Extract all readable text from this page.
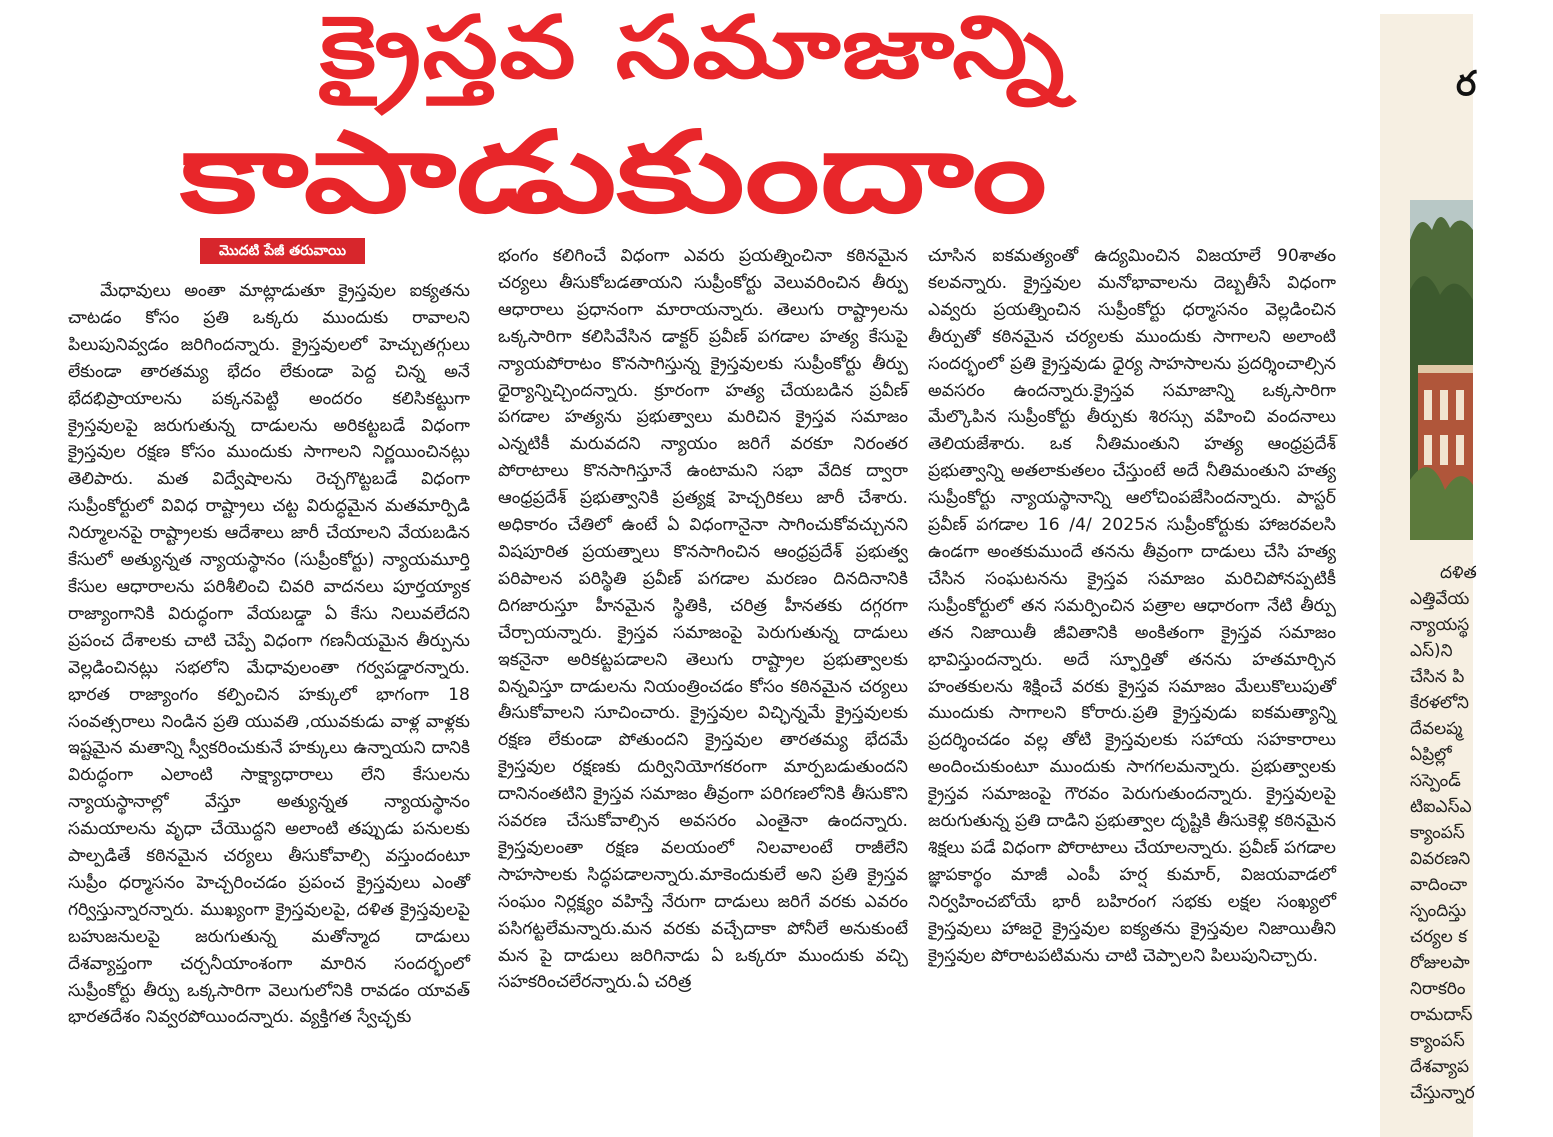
క్రైస్తవ సమాజాన్ని
కాపాడుకుందాం
మొదటి పేజీ తరువాయి
మేధావులు అంతా మాట్లాడుతూ క్రైస్తవుల ఐక్యతను చాటడం కోసం ప్రతి ఒక్కరు ముందుకు రావాలని పిలుపునివ్వడం జరిగిందన్నారు. క్రైస్తవులలో హెచ్చుతగ్గులు లేకుండా తారతమ్య భేదం లేకుండా పెద్ద చిన్న అనే భేదభిప్రాయాలను పక్కనపెట్టి అందరం కలిసికట్టుగా క్రైస్తవులపై జరుగుతున్న దాడులను అరికట్టబడే విధంగా క్రైస్తవుల రక్షణ కోసం ముందుకు సాగాలని నిర్ణయించినట్లు తెలిపారు. మత విద్వేషాలను రెచ్చగొట్టబడే విధంగా సుప్రీంకోర్టులో వివిధ రాష్ట్రాలు చట్ట విరుద్ధమైన మతమార్పిడి నిర్మూలనపై రాష్ట్రాలకు ఆదేశాలు జారీ చేయాలని వేయబడిన కేసులో అత్యున్నత న్యాయస్థానం (సుప్రీంకోర్టు) న్యాయమూర్తి కేసుల ఆధారాలను పరిశీలించి చివరి వాదనలు పూర్తయ్యాక రాజ్యాంగానికి విరుద్ధంగా వేయబడ్డా ఏ కేసు నిలువలేదని ప్రపంచ దేశాలకు చాటి చెప్పే విధంగా గణనీయమైన తీర్పును వెల్లడించినట్లు సభలోని మేధావులంతా గర్వపడ్డారన్నారు. భారత రాజ్యాంగం కల్పించిన హక్కులో భాగంగా 18 సంవత్సరాలు నిండిన ప్రతి యువతి ,యువకుడు వాళ్ల వాళ్లకు ఇష్టమైన మతాన్ని స్వీకరించుకునే హక్కులు ఉన్నాయని దానికి విరుద్ధంగా ఎలాంటి సాక్ష్యాధారాలు లేని కేసులను న్యాయస్థానాల్లో వేస్తూ అత్యున్నత న్యాయస్థానం సమయాలను వృధా చేయొద్దని అలాంటి తప్పుడు పనులకు పాల్పడితే కఠినమైన చర్యలు తీసుకోవాల్సి వస్తుందంటూ సుప్రీం ధర్మాసనం హెచ్చరించడం ప్రపంచ క్రైస్తవులు ఎంతో గర్విస్తున్నారన్నారు. ముఖ్యంగా క్రైస్తవులపై, దళిత క్రైస్తవులపై బహుజనులపై జరుగుతున్న మతోన్మాద దాడులు దేశవ్యాప్తంగా చర్చనీయాంశంగా మారిన సందర్భంలో సుప్రీంకోర్టు తీర్పు ఒక్కసారిగా వెలుగులోనికి రావడం యావత్ భారతదేశం నివ్వరపోయిందన్నారు. వ్యక్తిగత స్వేచ్ఛకు
భంగం కలిగించే విధంగా ఎవరు ప్రయత్నించినా కఠినమైన చర్యలు తీసుకోబడతాయని సుప్రీంకోర్టు వెలువరించిన తీర్పు ఆధారాలు ప్రధానంగా మారాయన్నారు. తెలుగు రాష్ట్రాలను ఒక్కసారిగా కలిసివేసిన డాక్టర్ ప్రవీణ్ పగడాల హత్య కేసుపై న్యాయపోరాటం కొనసాగిస్తున్న క్రైస్తవులకు సుప్రీంకోర్టు తీర్పు ధైర్యాన్నిచ్చిందన్నారు. క్రూరంగా హత్య చేయబడిన ప్రవీణ్ పగడాల హత్యను ప్రభుత్వాలు మరిచిన క్రైస్తవ సమాజం ఎన్నటికీ మరువదని న్యాయం జరిగే వరకూ నిరంతర పోరాటాలు కొనసాగిస్తూనే ఉంటామని సభా వేదిక ద్వారా ఆంధ్రప్రదేశ్ ప్రభుత్వానికి ప్రత్యక్ష హెచ్చరికలు జారీ చేశారు. అధికారం చేతిలో ఉంటే ఏ విధంగానైనా సాగించుకోవచ్చునని విషపూరిత ప్రయత్నాలు కొనసాగించిన ఆంధ్రప్రదేశ్ ప్రభుత్వ పరిపాలన పరిస్థితి ప్రవీణ్ పగడాల మరణం దినదినానికి దిగజారుస్తూ హీనమైన స్థితికి, చరిత్ర హీనతకు దగ్గరగా చేర్చాయన్నారు. క్రైస్తవ సమాజంపై పెరుగుతున్న దాడులు ఇకనైనా అరికట్టపడాలని తెలుగు రాష్ట్రాల ప్రభుత్వాలకు విన్నవిస్తూ దాడులను నియంత్రించడం కోసం కఠినమైన చర్యలు తీసుకోవాలని సూచించారు. క్రైస్తవుల విచ్ఛిన్నమే క్రైస్తవులకు రక్షణ లేకుండా పోతుందని క్రైస్తవుల తారతమ్య భేదమే క్రైస్తవుల రక్షణకు దుర్వినియోగకరంగా మార్పబడుతుందని దానినంతటిని క్రైస్తవ సమాజం తీవ్రంగా పరిగణలోనికి తీసుకొని సవరణ చేసుకోవాల్సిన అవసరం ఎంతైనా ఉందన్నారు. క్రైస్తవులంతా రక్షణ వలయంలో నిలవాలంటే రాజీలేని సాహసాలకు సిద్ధపడాలన్నారు.మాకెందుకులే అని ప్రతి క్రైస్తవ సంఘం నిర్లక్ష్యం వహిస్తే నేరుగా దాడులు జరిగే వరకు ఎవరం పసిగట్టలేమన్నారు.మన వరకు వచ్చేదాకా పోనీలే అనుకుంటే మన పై దాడులు జరిగినాడు ఏ ఒక్కరూ ముందుకు వచ్చి సహకరించలేరన్నారు.ఏ చరిత్ర
చూసిన ఐకమత్యంతో ఉద్యమించిన విజయాలే 90శాతం కలవన్నారు. క్రైస్తవుల మనోభావాలను దెబ్బతీసే విధంగా ఎవ్వరు ప్రయత్నించిన సుప్రీంకోర్టు ధర్మాసనం వెల్లడించిన తీర్పుతో కఠినమైన చర్యలకు ముందుకు సాగాలని అలాంటి సందర్భంలో ప్రతి క్రైస్తవుడు ధైర్య సాహసాలను ప్రదర్శించాల్సిన అవసరం ఉందన్నారు.క్రైస్తవ సమాజాన్ని ఒక్కసారిగా మేల్కొపిన సుప్రీంకోర్టు తీర్పుకు శిరస్సు వహించి వందనాలు తెలియజేశారు. ఒక నీతిమంతుని హత్య ఆంధ్రప్రదేశ్ ప్రభుత్వాన్ని అతలాకుతలం చేస్తుంటే అదే నీతిమంతుని హత్య సుప్రీంకోర్టు న్యాయస్థానాన్ని ఆలోచింపజేసిందన్నారు. పాస్టర్ ప్రవీణ్ పగడాల 16 /4/ 2025న సుప్రీంకోర్టుకు హాజరవలసి ఉండగా అంతకుముందే తనను తీవ్రంగా దాడులు చేసి హత్య చేసిన సంఘటనను క్రైస్తవ సమాజం మరిచిపోనప్పటికీ సుప్రీంకోర్టులో తన సమర్పించిన పత్రాల ఆధారంగా నేటి తీర్పు తన నిజాయితీ జీవితానికి అంకితంగా క్రైస్తవ సమాజం భావిస్తుందన్నారు. అదే స్ఫూర్తితో తనను హతమార్చిన హంతకులను శిక్షించే వరకు క్రైస్తవ సమాజం మేలుకొలుపుతో ముందుకు సాగాలని కోరారు.ప్రతి క్రైస్తవుడు ఐకమత్యాన్ని ప్రదర్శించడం వల్ల తోటి క్రైస్తవులకు సహాయ సహకారాలు అందించుకుంటూ ముందుకు సాగగలమన్నారు. ప్రభుత్వాలకు క్రైస్తవ సమాజంపై గౌరవం పెరుగుతుందన్నారు. క్రైస్తవులపై జరుగుతున్న ప్రతి దాడిని ప్రభుత్వాల దృష్టికి తీసుకెళ్లి కఠినమైన శిక్షలు పడే విధంగా పోరాటాలు చేయాలన్నారు. ప్రవీణ్ పగడాల జ్ఞాపకార్థం మాజీ ఎంపీ హర్ష కుమార్, విజయవాడలో నిర్వహించబోయే భారీ బహిరంగ సభకు లక్షల సంఖ్యలో క్రైస్తవులు హాజరై క్రైస్తవుల ఐక్యతను క్రైస్తవుల నిజాయితీని క్రైస్తవుల పోరాటపటిమను చాటి చెప్పాలని పిలుపునిచ్చారు.
ర
దళిత
ఎత్తివేయ
న్యాయస్థ
ఎస్)ని
చేసిన పి
కేరళలోని
దేవలప్మ
ఏప్రిల్లో
సస్పెండ్
టిఐఎస్ఎ
క్యాంపస్
వివరణని
వాదించా
స్పందిస్తు
చర్యల క
రోజులపా
నిరాకరిం
రామదాస్
క్యాంపస్
దేశవ్యాప
చేస్తున్నార
